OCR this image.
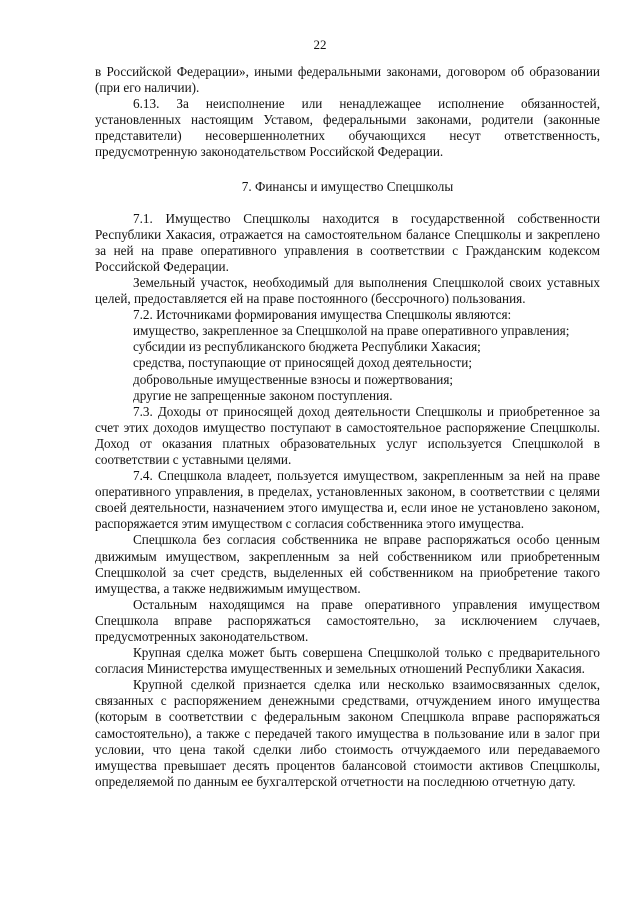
22

в Российской Федерации», иными федеральными законами, договором об образовании (при его наличии).

6.13. За неисполнение или ненадлежащее исполнение обязанностей, установленных настоящим Уставом, федеральными законами, родители (законные представители) несовершеннолетних обучающихся несут ответственность, предусмотренную законодательством Российской Федерации.

7. Финансы и имущество Спецшколы

7.1. Имущество Спецшколы находится в государственной собственности Республики Хакасия, отражается на самостоятельном балансе Спецшколы и закреплено за ней на праве оперативного управления в соответствии с Гражданским кодексом Российской Федерации.

Земельный участок, необходимый для выполнения Спецшколой своих уставных целей, предоставляется ей на праве постоянного (бессрочного) пользования.

7.2. Источниками формирования имущества Спецшколы являются:

имущество, закрепленное за Спецшколой на праве оперативного управления;

субсидии из республиканского бюджета Республики Хакасия;

средства, поступающие от приносящей доход деятельности;

добровольные имущественные взносы и пожертвования;

другие не запрещенные законом поступления.

7.3. Доходы от приносящей доход деятельности Спецшколы и приобретенное за счет этих доходов имущество поступают в самостоятельное распоряжение Спецшколы. Доход от оказания платных образовательных услуг используется Спецшколой в соответствии с уставными целями.

7.4. Спецшкола владеет, пользуется имуществом, закрепленным за ней на праве оперативного управления, в пределах, установленных законом, в соответствии с целями своей деятельности, назначением этого имущества и, если иное не установлено законом, распоряжается этим имуществом с согласия собственника этого имущества.

Спецшкола без согласия собственника не вправе распоряжаться особо ценным движимым имуществом, закрепленным за ней собственником или приобретенным Спецшколой за счет средств, выделенных ей собственником на приобретение такого имущества, а также недвижимым имуществом.

Остальным находящимся на праве оперативного управления имуществом Спецшкола вправе распоряжаться самостоятельно, за исключением случаев, предусмотренных законодательством.

Крупная сделка может быть совершена Спецшколой только с предварительного согласия Министерства имущественных и земельных отношений Республики Хакасия.

Крупной сделкой признается сделка или несколько взаимосвязанных сделок, связанных с распоряжением денежными средствами, отчуждением иного имущества (которым в соответствии с федеральным законом Спецшкола вправе распоряжаться самостоятельно), а также с передачей такого имущества в пользование или в залог при условии, что цена такой сделки либо стоимость отчуждаемого или передаваемого имущества превышает десять процентов балансовой стоимости активов Спецшколы, определяемой по данным ее бухгалтерской отчетности на последнюю отчетную дату.
